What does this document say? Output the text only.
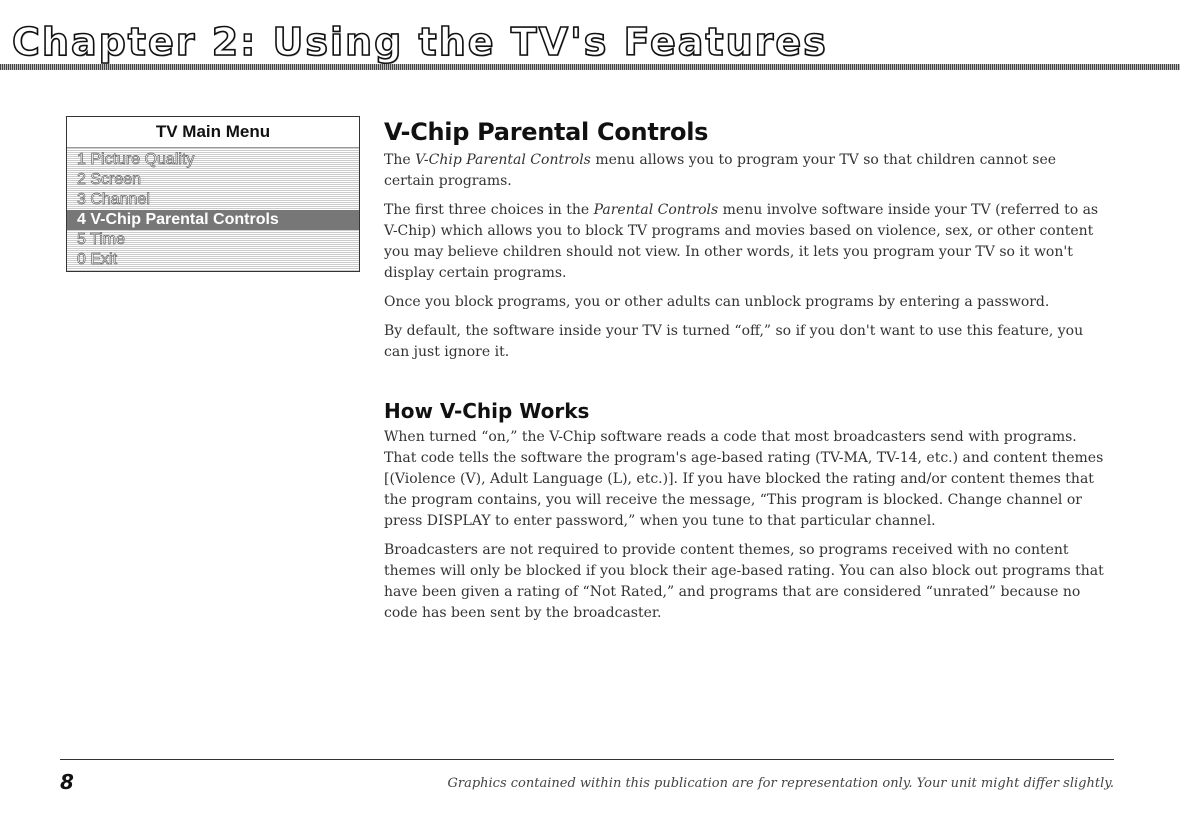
Chapter 2: Using the TV's Features
TV Main Menu
1 Picture Quality
2 Screen
3 Channel
4 V-Chip Parental Controls
5 Time
0 Exit
V-Chip Parental Controls

The V-Chip Parental Controls menu allows you to program your TV so that children cannot see certain programs.

The first three choices in the Parental Controls menu involve software inside your TV (referred to as V-Chip) which allows you to block TV programs and movies based on violence, sex, or other content you may believe children should not view. In other words, it lets you program your TV so it won't display certain programs.

Once you block programs, you or other adults can unblock programs by entering a password.

By default, the software inside your TV is turned “off,” so if you don't want to use this feature, you can just ignore it.

How V-Chip Works

When turned “on,” the V-Chip software reads a code that most broadcasters send with programs. That code tells the software the program's age-based rating (TV-MA, TV-14, etc.) and content themes [(Violence (V), Adult Language (L), etc.)]. If you have blocked the rating and/or content themes that the program contains, you will receive the message, “This program is blocked. Change channel or press DISPLAY to enter password,” when you tune to that particular channel.

Broadcasters are not required to provide content themes, so programs received with no content themes will only be blocked if you block their age-based rating. You can also block out programs that have been given a rating of “Not Rated,” and programs that are considered “unrated” because no code has been sent by the broadcaster.

8	Graphics contained within this publication are for representation only. Your unit might differ slightly.
